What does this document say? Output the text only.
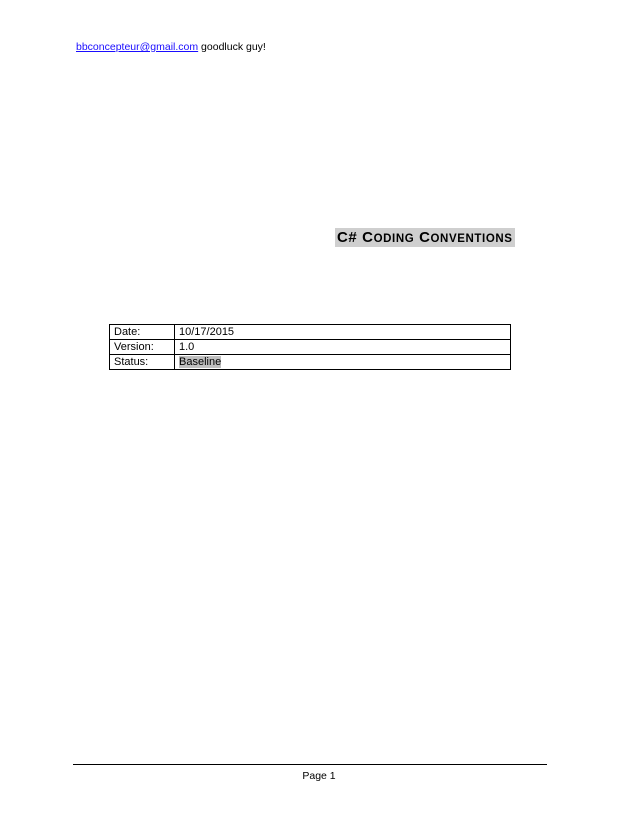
bbconcepteur@gmail.com goodluck guy!
C# CODING CONVENTIONS
Date:	10/17/2015
Version:	1.0
Status:	Baseline
Page 1
